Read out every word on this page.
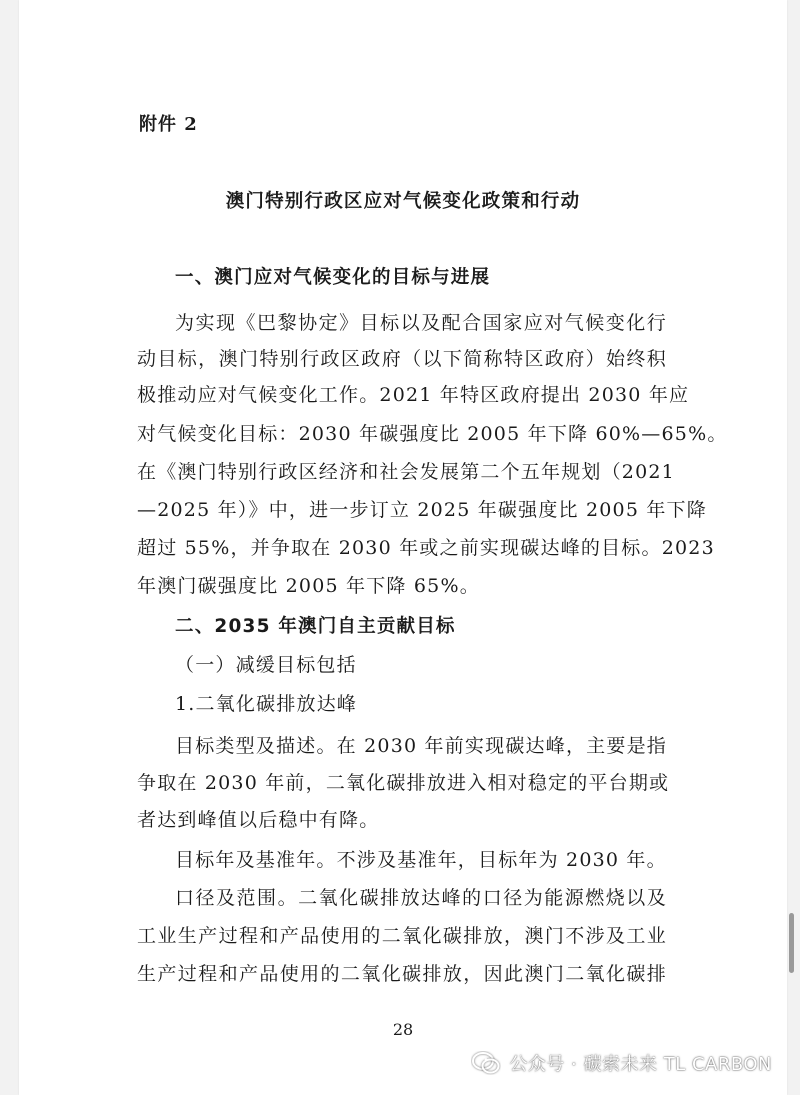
附件 2
澳门特别行政区应对气候变化政策和行动
一、澳门应对气候变化的目标与进展
为实现《巴黎协定》目标以及配合国家应对气候变化行
动目标，澳门特别行政区政府（以下简称特区政府）始终积
极推动应对气候变化工作。2021 年特区政府提出 2030 年应
对气候变化目标：2030 年碳强度比 2005 年下降 60%—65%。
在《澳门特别行政区经济和社会发展第二个五年规划（2021
—2025 年）》中，进一步订立 2025 年碳强度比 2005 年下降
超过 55%，并争取在 2030 年或之前实现碳达峰的目标。2023
年澳门碳强度比 2005 年下降 65%。
二、2035 年澳门自主贡献目标
（一）减缓目标包括
1.二氧化碳排放达峰
目标类型及描述。在 2030 年前实现碳达峰，主要是指
争取在 2030 年前，二氧化碳排放进入相对稳定的平台期或
者达到峰值以后稳中有降。
目标年及基准年。不涉及基准年，目标年为 2030 年。
口径及范围。二氧化碳排放达峰的口径为能源燃烧以及
工业生产过程和产品使用的二氧化碳排放，澳门不涉及工业
生产过程和产品使用的二氧化碳排放，因此澳门二氧化碳排
28
公众号 · 碳索未来 TL CARBON
